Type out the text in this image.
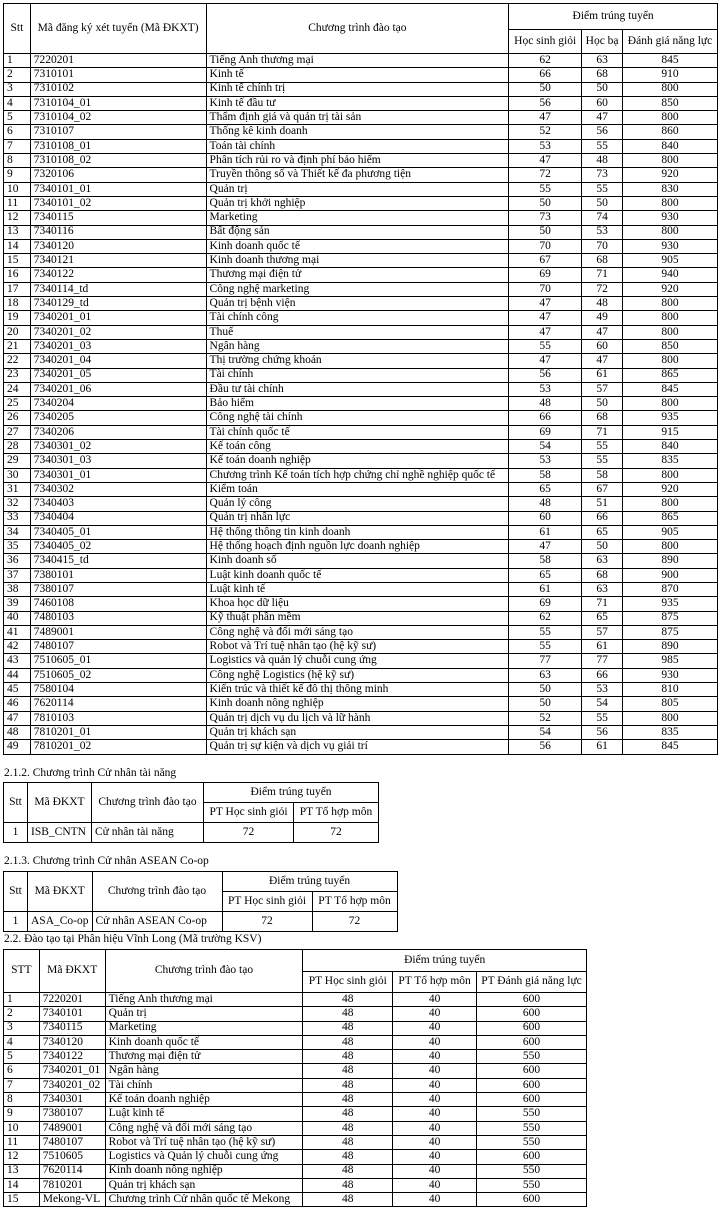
Stt	Mã đăng ký xét tuyển (Mã ĐKXT)	Chương trình đào tạo	Điểm trúng tuyển		
			Học sinh giỏi	Học bạ	Đánh giá năng lực
1	7220201	Tiếng Anh thương mại	62	63	845
2	7310101	Kinh tế	66	68	910
3	7310102	Kinh tế chính trị	50	50	800
4	7310104_01	Kinh tế đầu tư	56	60	850
5	7310104_02	Thẩm định giá và quản trị tài sản	47	47	800
6	7310107	Thống kê kinh doanh	52	56	860
7	7310108_01	Toán tài chính	53	55	840
8	7310108_02	Phân tích rủi ro và định phí bảo hiểm	47	48	800
9	7320106	Truyền thông số và Thiết kế đa phương tiện	72	73	920
10	7340101_01	Quản trị	55	55	830
11	7340101_02	Quản trị khởi nghiệp	50	50	800
12	7340115	Marketing	73	74	930
13	7340116	Bất động sản	50	53	800
14	7340120	Kinh doanh quốc tế	70	70	930
15	7340121	Kinh doanh thương mại	67	68	905
16	7340122	Thương mại điện tử	69	71	940
17	7340114_td	Công nghệ marketing	70	72	920
18	7340129_td	Quản trị bệnh viện	47	48	800
19	7340201_01	Tài chính công	47	49	800
20	7340201_02	Thuế	47	47	800
21	7340201_03	Ngân hàng	55	60	850
22	7340201_04	Thị trường chứng khoán	47	47	800
23	7340201_05	Tài chính	56	61	865
24	7340201_06	Đầu tư tài chính	53	57	845
25	7340204	Bảo hiểm	48	50	800
26	7340205	Công nghệ tài chính	66	68	935
27	7340206	Tài chính quốc tế	69	71	915
28	7340301_02	Kế toán công	54	55	840
29	7340301_03	Kế toán doanh nghiệp	53	55	835
30	7340301_01	Chương trình Kế toán tích hợp chứng chỉ nghề nghiệp quốc tế	58	58	800
31	7340302	Kiểm toán	65	67	920
32	7340403	Quản lý công	48	51	800
33	7340404	Quản trị nhân lực	60	66	865
34	7340405_01	Hệ thống thông tin kinh doanh	61	65	905
35	7340405_02	Hệ thống hoạch định nguồn lực doanh nghiệp	47	50	800
36	7340415_td	Kinh doanh số	58	63	890
37	7380101	Luật kinh doanh quốc tế	65	68	900
38	7380107	Luật kinh tế	61	63	870
39	7460108	Khoa học dữ liệu	69	71	935
40	7480103	Kỹ thuật phần mềm	62	65	875
41	7489001	Công nghệ và đổi mới sáng tạo	55	57	875
42	7480107	Robot và Trí tuệ nhân tạo (hệ kỹ sư)	55	61	890
43	7510605_01	Logistics và quản lý chuỗi cung ứng	77	77	985
44	7510605_02	Công nghệ Logistics (hệ kỹ sư)	63	66	930
45	7580104	Kiến trúc và thiết kế đô thị thông minh	50	53	810
46	7620114	Kinh doanh nông nghiệp	50	54	805
47	7810103	Quản trị dịch vụ du lịch và lữ hành	52	55	800
48	7810201_01	Quản trị khách sạn	54	56	835
49	7810201_02	Quản trị sự kiện và dịch vụ giải trí	56	61	845
2.1.2. Chương trình Cử nhân tài năng
Stt	Mã ĐKXT	Chương trình đào tạo	Điểm trúng tuyển	
			PT Học sinh giỏi	PT Tổ hợp môn
1	ISB_CNTN	Cử nhân tài năng	72	72
2.1.3. Chương trình Cử nhân ASEAN Co-op
Stt	Mã ĐKXT	Chương trình đào tạo	Điểm trúng tuyển	
			PT Học sinh giỏi	PT Tổ hợp môn
1	ASA_Co-op	Cử nhân ASEAN Co-op	72	72
2.2. Đào tạo tại Phân hiệu Vĩnh Long (Mã trường KSV)
STT	Mã ĐKXT	Chương trình đào tạo	Điểm trúng tuyển		
			PT Học sinh giỏi	PT Tổ hợp môn	PT Đánh giá năng lực
1	7220201	Tiếng Anh thương mại	48	40	600
2	7340101	Quản trị	48	40	600
3	7340115	Marketing	48	40	600
4	7340120	Kinh doanh quốc tế	48	40	600
5	7340122	Thương mại điện tử	48	40	550
6	7340201_01	Ngân hàng	48	40	600
7	7340201_02	Tài chính	48	40	600
8	7340301	Kế toán doanh nghiệp	48	40	600
9	7380107	Luật kinh tế	48	40	550
10	7489001	Công nghệ và đổi mới sáng tạo	48	40	550
11	7480107	Robot và Trí tuệ nhân tạo (hệ kỹ sư)	48	40	550
12	7510605	Logistics và Quản lý chuỗi cung ứng	48	40	600
13	7620114	Kinh doanh nông nghiệp	48	40	550
14	7810201	Quản trị khách sạn	48	40	550
15	Mekong-VL	Chương trình Cử nhân quốc tế Mekong	48	40	600
